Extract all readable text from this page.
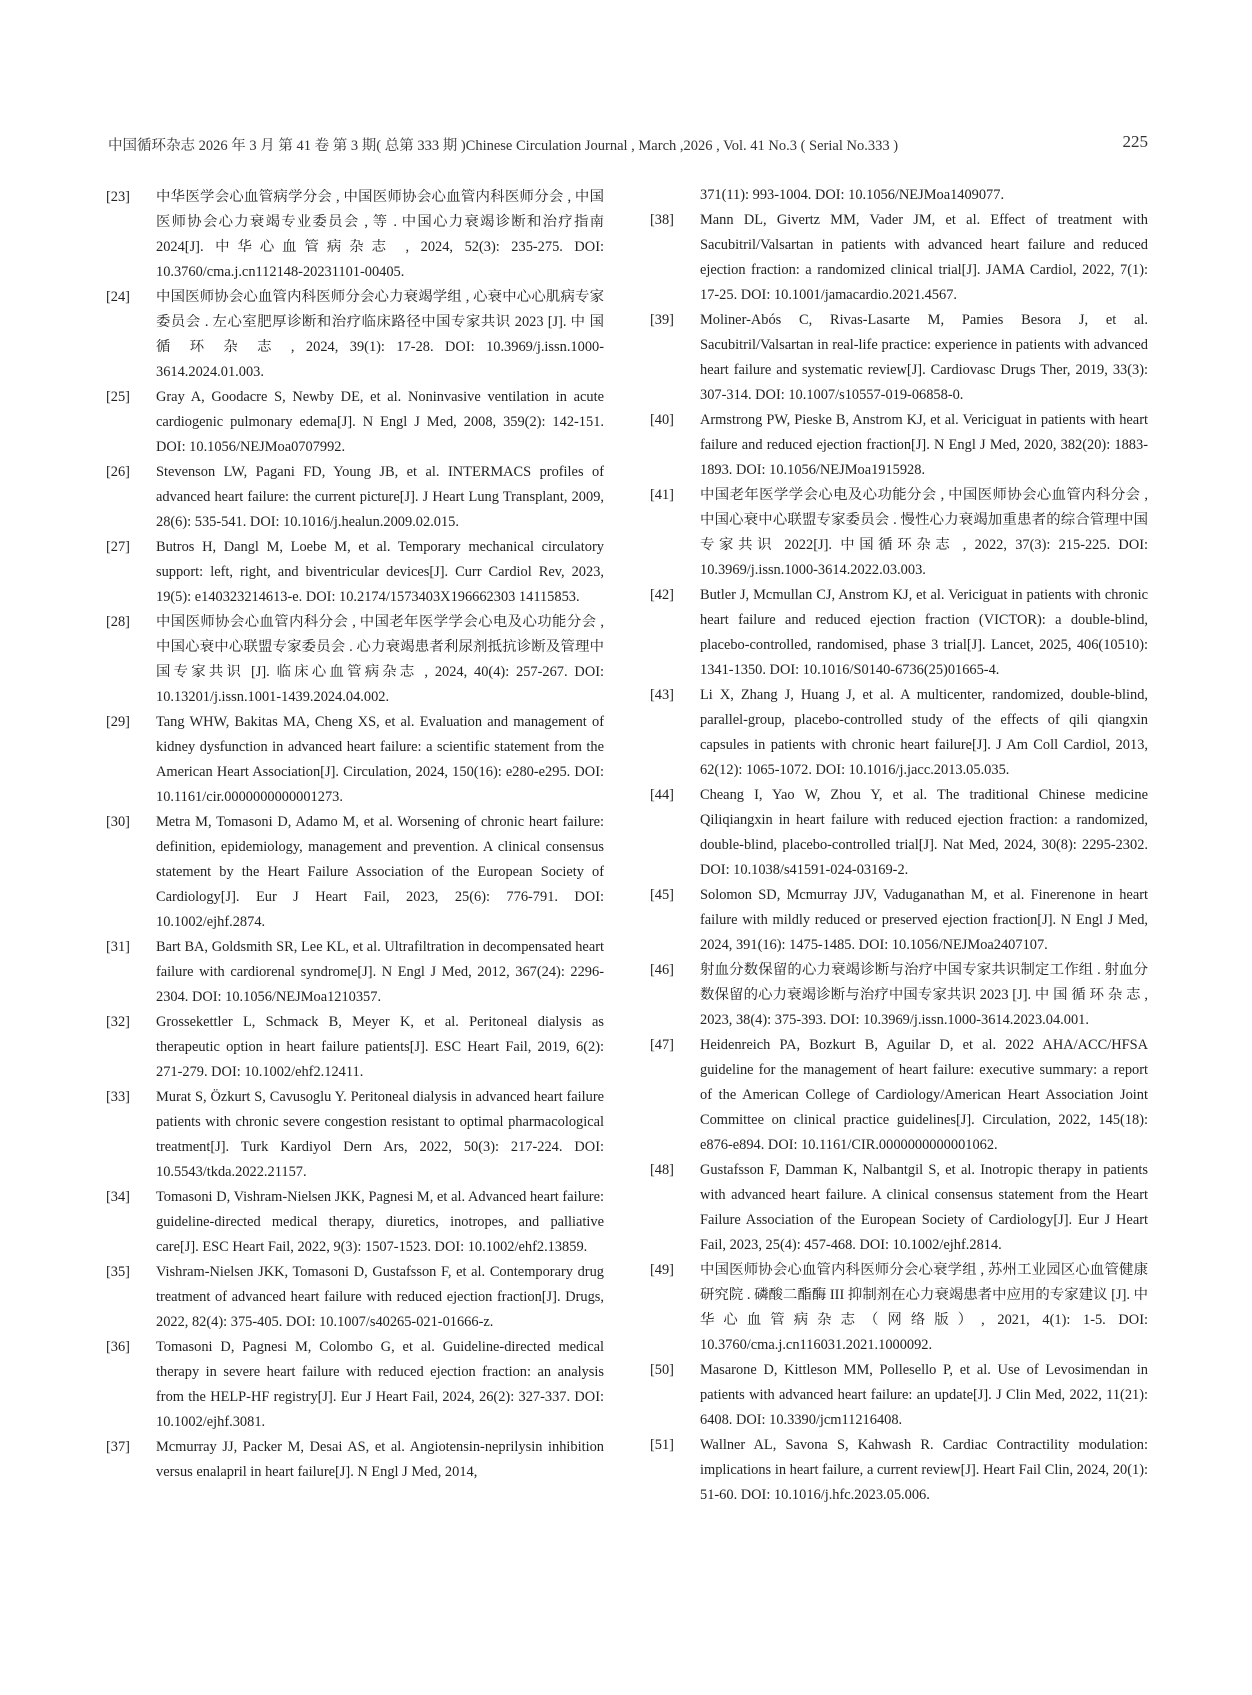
中国循环杂志 2026 年 3 月 第 41 卷 第 3 期( 总第 333 期 )Chinese Circulation Journal , March ,2026 , Vol. 41 No.3 ( Serial No.333 )	225
[23] 中华医学会心血管病学分会 , 中国医师协会心血管内科医师分会 , 中国医师协会心力衰竭专业委员会 , 等 . 中国心力衰竭诊断和治疗指南 2024[J]. 中华心血管病杂志 , 2024, 52(3): 235-275. DOI: 10.3760/cma.j.cn112148-20231101-00405.
[24] 中国医师协会心血管内科医师分会心力衰竭学组 , 心衰中心心肌病专家委员会 . 左心室肥厚诊断和治疗临床路径中国专家共识 2023 [J]. 中 国 循 环 杂 志 , 2024, 39(1): 17-28. DOI: 10.3969/j.issn.1000-3614.2024.01.003.
[25] Gray A, Goodacre S, Newby DE, et al. Noninvasive ventilation in acute cardiogenic pulmonary edema[J]. N Engl J Med, 2008, 359(2): 142-151. DOI: 10.1056/NEJMoa0707992.
[26] Stevenson LW, Pagani FD, Young JB, et al. INTERMACS profiles of advanced heart failure: the current picture[J]. J Heart Lung Transplant, 2009, 28(6): 535-541. DOI: 10.1016/j.healun.2009.02.015.
[27] Butros H, Dangl M, Loebe M, et al. Temporary mechanical circulatory support: left, right, and biventricular devices[J]. Curr Cardiol Rev, 2023, 19(5): e140323214613-e. DOI: 10.2174/1573403X196662303 14115853.
[28] 中国医师协会心血管内科分会 , 中国老年医学学会心电及心功能分会 , 中国心衰中心联盟专家委员会 . 心力衰竭患者利尿剂抵抗诊断及管理中国专家共识 [J]. 临床心血管病杂志 , 2024, 40(4): 257-267. DOI: 10.13201/j.issn.1001-1439.2024.04.002.
[29] Tang WHW, Bakitas MA, Cheng XS, et al. Evaluation and management of kidney dysfunction in advanced heart failure: a scientific statement from the American Heart Association[J]. Circulation, 2024, 150(16): e280-e295. DOI: 10.1161/cir.0000000000001273.
[30] Metra M, Tomasoni D, Adamo M, et al. Worsening of chronic heart failure: definition, epidemiology, management and prevention. A clinical consensus statement by the Heart Failure Association of the European Society of Cardiology[J]. Eur J Heart Fail, 2023, 25(6): 776-791. DOI: 10.1002/ejhf.2874.
[31] Bart BA, Goldsmith SR, Lee KL, et al. Ultrafiltration in decompensated heart failure with cardiorenal syndrome[J]. N Engl J Med, 2012, 367(24): 2296-2304. DOI: 10.1056/NEJMoa1210357.
[32] Grossekettler L, Schmack B, Meyer K, et al. Peritoneal dialysis as therapeutic option in heart failure patients[J]. ESC Heart Fail, 2019, 6(2): 271-279. DOI: 10.1002/ehf2.12411.
[33] Murat S, Özkurt S, Cavusoglu Y. Peritoneal dialysis in advanced heart failure patients with chronic severe congestion resistant to optimal pharmacological treatment[J]. Turk Kardiyol Dern Ars, 2022, 50(3): 217-224. DOI: 10.5543/tkda.2022.21157.
[34] Tomasoni D, Vishram-Nielsen JKK, Pagnesi M, et al. Advanced heart failure: guideline-directed medical therapy, diuretics, inotropes, and palliative care[J]. ESC Heart Fail, 2022, 9(3): 1507-1523. DOI: 10.1002/ehf2.13859.
[35] Vishram-Nielsen JKK, Tomasoni D, Gustafsson F, et al. Contemporary drug treatment of advanced heart failure with reduced ejection fraction[J]. Drugs, 2022, 82(4): 375-405. DOI: 10.1007/s40265-021-01666-z.
[36] Tomasoni D, Pagnesi M, Colombo G, et al. Guideline-directed medical therapy in severe heart failure with reduced ejection fraction: an analysis from the HELP-HF registry[J]. Eur J Heart Fail, 2024, 26(2): 327-337. DOI: 10.1002/ejhf.3081.
[37] Mcmurray JJ, Packer M, Desai AS, et al. Angiotensin-neprilysin inhibition versus enalapril in heart failure[J]. N Engl J Med, 2014,
371(11): 993-1004. DOI: 10.1056/NEJMoa1409077.
[38] Mann DL, Givertz MM, Vader JM, et al. Effect of treatment with Sacubitril/Valsartan in patients with advanced heart failure and reduced ejection fraction: a randomized clinical trial[J]. JAMA Cardiol, 2022, 7(1): 17-25. DOI: 10.1001/jamacardio.2021.4567.
[39] Moliner-Abós C, Rivas-Lasarte M, Pamies Besora J, et al. Sacubitril/Valsartan in real-life practice: experience in patients with advanced heart failure and systematic review[J]. Cardiovasc Drugs Ther, 2019, 33(3): 307-314. DOI: 10.1007/s10557-019-06858-0.
[40] Armstrong PW, Pieske B, Anstrom KJ, et al. Vericiguat in patients with heart failure and reduced ejection fraction[J]. N Engl J Med, 2020, 382(20): 1883-1893. DOI: 10.1056/NEJMoa1915928.
[41] 中国老年医学学会心电及心功能分会 , 中国医师协会心血管内科分会 , 中国心衰中心联盟专家委员会 . 慢性心力衰竭加重患者的综合管理中国专家共识 2022[J]. 中国循环杂志 , 2022, 37(3): 215-225. DOI: 10.3969/j.issn.1000-3614.2022.03.003.
[42] Butler J, Mcmullan CJ, Anstrom KJ, et al. Vericiguat in patients with chronic heart failure and reduced ejection fraction (VICTOR): a double-blind, placebo-controlled, randomised, phase 3 trial[J]. Lancet, 2025, 406(10510): 1341-1350. DOI: 10.1016/S0140-6736(25)01665-4.
[43] Li X, Zhang J, Huang J, et al. A multicenter, randomized, double-blind, parallel-group, placebo-controlled study of the effects of qili qiangxin capsules in patients with chronic heart failure[J]. J Am Coll Cardiol, 2013, 62(12): 1065-1072. DOI: 10.1016/j.jacc.2013.05.035.
[44] Cheang I, Yao W, Zhou Y, et al. The traditional Chinese medicine Qiliqiangxin in heart failure with reduced ejection fraction: a randomized, double-blind, placebo-controlled trial[J]. Nat Med, 2024, 30(8): 2295-2302. DOI: 10.1038/s41591-024-03169-2.
[45] Solomon SD, Mcmurray JJV, Vaduganathan M, et al. Finerenone in heart failure with mildly reduced or preserved ejection fraction[J]. N Engl J Med, 2024, 391(16): 1475-1485. DOI: 10.1056/NEJMoa2407107.
[46] 射血分数保留的心力衰竭诊断与治疗中国专家共识制定工作组 . 射血分数保留的心力衰竭诊断与治疗中国专家共识 2023 [J]. 中 国 循 环 杂 志 , 2023, 38(4): 375-393. DOI: 10.3969/j.issn.1000-3614.2023.04.001.
[47] Heidenreich PA, Bozkurt B, Aguilar D, et al. 2022 AHA/ACC/HFSA guideline for the management of heart failure: executive summary: a report of the American College of Cardiology/American Heart Association Joint Committee on clinical practice guidelines[J]. Circulation, 2022, 145(18): e876-e894. DOI: 10.1161/CIR.0000000000001062.
[48] Gustafsson F, Damman K, Nalbantgil S, et al. Inotropic therapy in patients with advanced heart failure. A clinical consensus statement from the Heart Failure Association of the European Society of Cardiology[J]. Eur J Heart Fail, 2023, 25(4): 457-468. DOI: 10.1002/ejhf.2814.
[49] 中国医师协会心血管内科医师分会心衰学组 , 苏州工业园区心血管健康研究院 . 磷酸二酯酶 III 抑制剂在心力衰竭患者中应用的专家建议 [J]. 中华心血管病杂志（网络版）, 2021, 4(1): 1-5. DOI: 10.3760/cma.j.cn116031.2021.1000092.
[50] Masarone D, Kittleson MM, Pollesello P, et al. Use of Levosimendan in patients with advanced heart failure: an update[J]. J Clin Med, 2022, 11(21): 6408. DOI: 10.3390/jcm11216408.
[51] Wallner AL, Savona S, Kahwash R. Cardiac Contractility modulation: implications in heart failure, a current review[J]. Heart Fail Clin, 2024, 20(1): 51-60. DOI: 10.1016/j.hfc.2023.05.006.
